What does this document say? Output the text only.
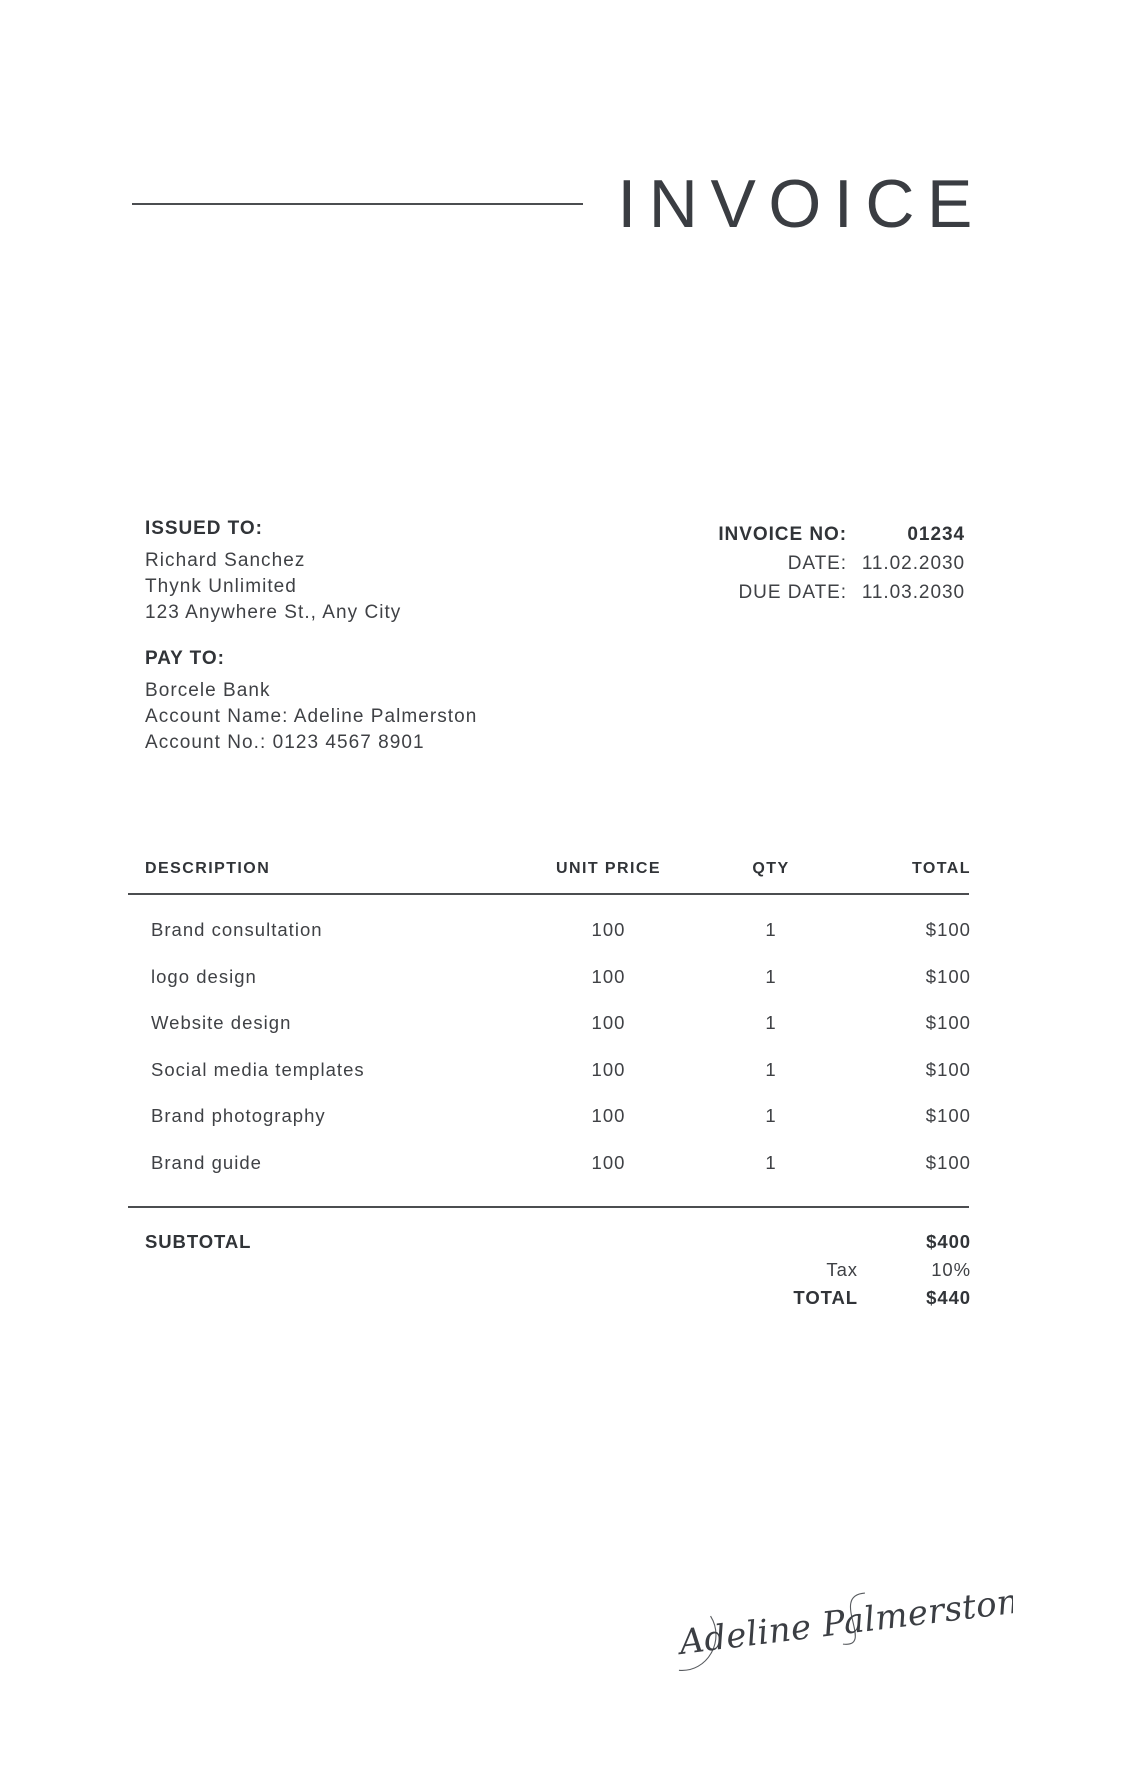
INVOICE
ISSUED TO:
Richard Sanchez
Thynk Unlimited
123 Anywhere St., Any City
PAY TO:
Borcele Bank
Account Name: Adeline Palmerston
Account No.: 0123 4567 8901
INVOICE NO:	01234
DATE: 11.02.2030
DUE DATE: 11.03.2030
DESCRIPTION	UNIT PRICE	QTY	TOTAL
Brand consultation	100	1	$100
logo design	100	1	$100
Website design	100	1	$100
Social media templates	100	1	$100
Brand photography	100	1	$100
Brand guide	100	1	$100
SUBTOTAL	$400
Tax	10%
TOTAL	$440
Adeline Palmerston
